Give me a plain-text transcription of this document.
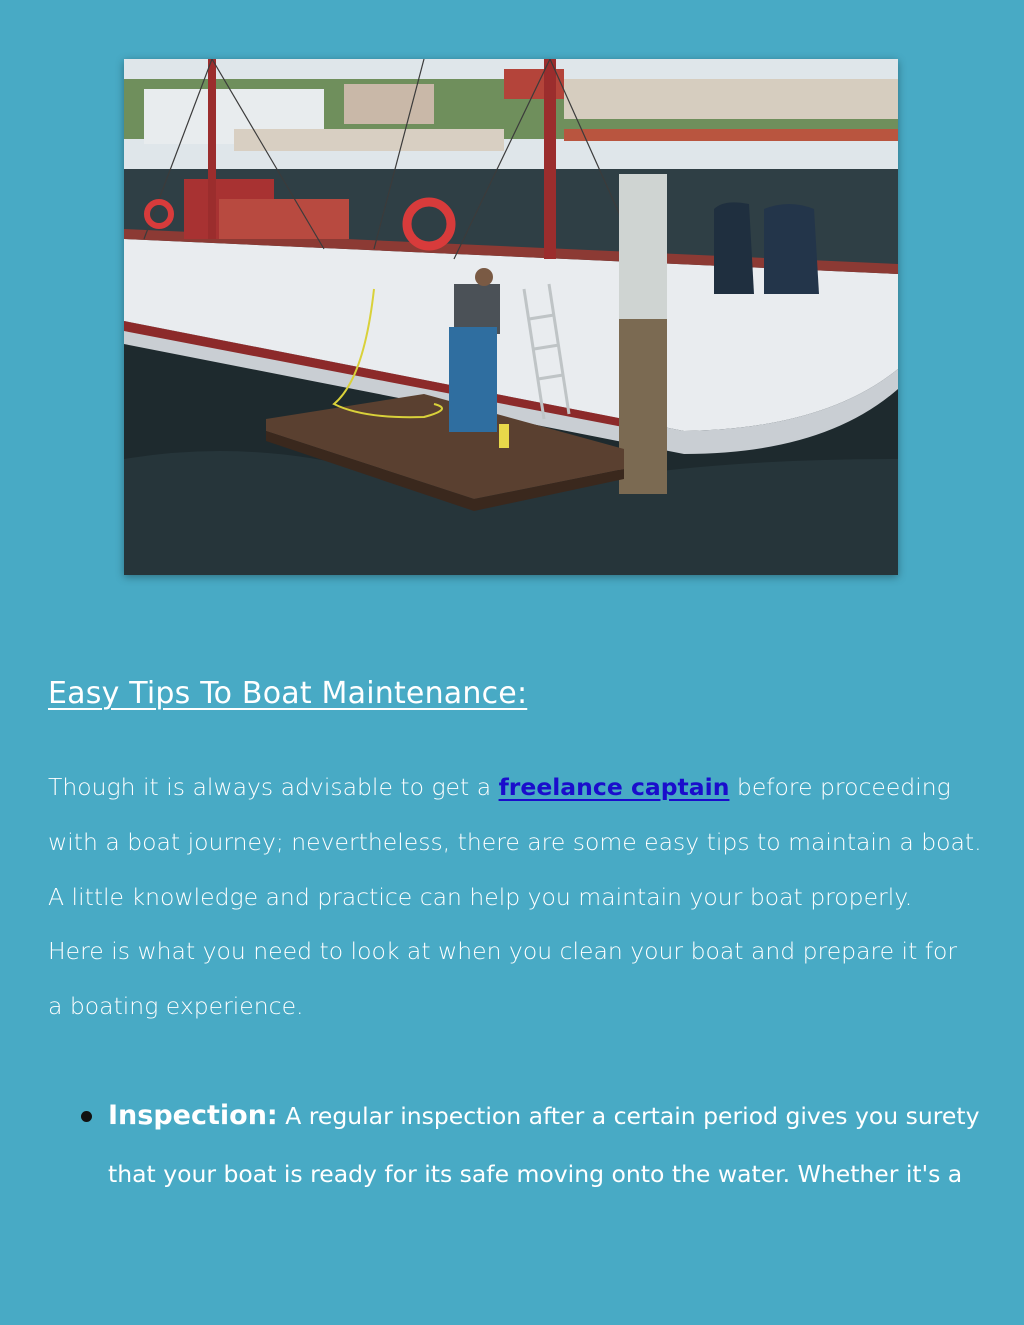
Easy Tips To Boat Maintenance:

Though it is always advisable to get a freelance captain before proceeding
with a boat journey; nevertheless, there are some easy tips to maintain a boat.
A little knowledge and practice can help you maintain your boat properly.
Here is what you need to look at when you clean your boat and prepare it for
a boating experience.

Inspection: A regular inspection after a certain period gives you surety
that your boat is ready for its safe moving onto the water. Whether it's a
